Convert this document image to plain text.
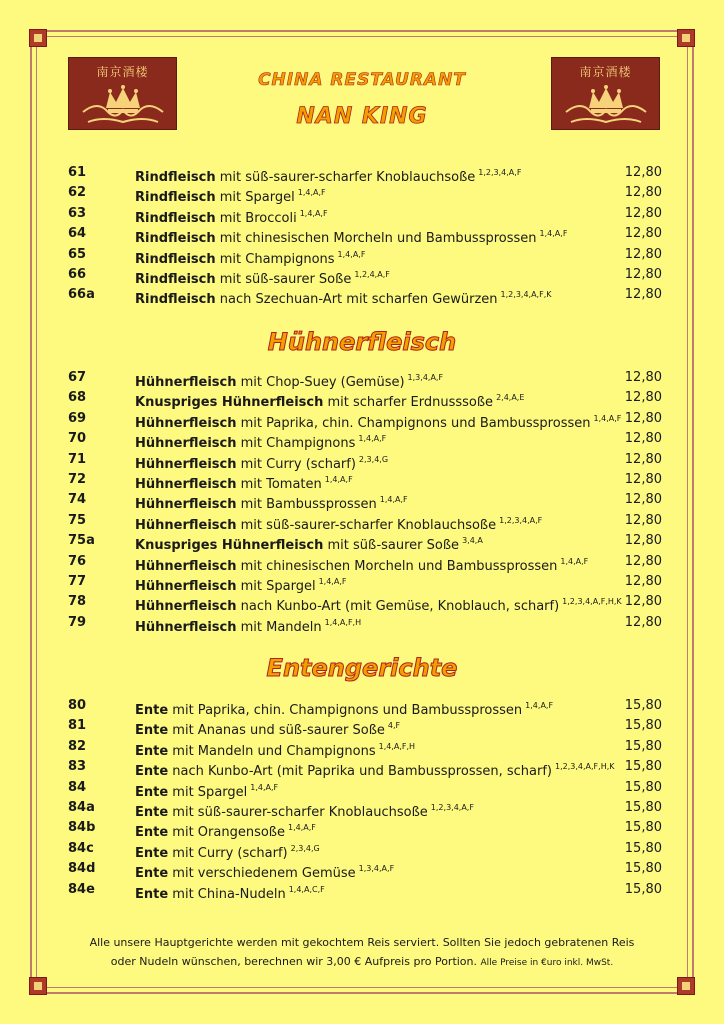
南京酒楼	南京酒楼
CHINA RESTAURANT
NAN KING
61	Rindfleisch mit süß-saurer-scharfer Knoblauchsoße $^{1,2,3,4,A,F}$	12,80
62	Rindfleisch mit Spargel $^{1,4,A,F}$	12,80
63	Rindfleisch mit Broccoli $^{1,4,A,F}$	12,80
64	Rindfleisch mit chinesischen Morcheln und Bambussprossen $^{1,4,A,F}$	12,80
65	Rindfleisch mit Champignons $^{1,4,A,F}$	12,80
66	Rindfleisch mit süß-saurer Soße $^{1,2,4,A,F}$	12,80
66a	Rindfleisch nach Szechuan-Art mit scharfen Gewürzen $^{1,2,3,4,A,F,K}$	12,80
Hühnerfleisch
67	Hühnerfleisch mit Chop-Suey (Gemüse) $^{1,3,4,A,F}$	12,80
68	Knuspriges Hühnerfleisch mit scharfer Erdnusssoße $^{2,4,A,E}$	12,80
69	Hühnerfleisch mit Paprika, chin. Champignons und Bambussprossen $^{1,4,A,F}$ 12,80
70	Hühnerfleisch mit Champignons $^{1,4,A,F}$	12,80
71	Hühnerfleisch mit Curry (scharf) $^{2,3,4,G}$	12,80
72	Hühnerfleisch mit Tomaten $^{1,4,A,F}$	12,80
74	Hühnerfleisch mit Bambussprossen $^{1,4,A,F}$	12,80
75	Hühnerfleisch mit süß-saurer-scharfer Knoblauchsoße $^{1,2,3,4,A,F}$	12,80
75a	Knuspriges Hühnerfleisch mit süß-saurer Soße $^{3,4,A}$	12,80
76	Hühnerfleisch mit chinesischen Morcheln und Bambussprossen $^{1,4,A,F}$	12,80
77	Hühnerfleisch mit Spargel $^{1,4,A,F}$	12,80
78	Hühnerfleisch nach Kunbo-Art (mit Gemüse, Knoblauch, scharf) $^{1,2,3,4,A,F,H,K}$ 12,80
79	Hühnerfleisch mit Mandeln $^{1,4,A,F,H}$	12,80
Entengerichte
80	Ente mit Paprika, chin. Champignons und Bambussprossen $^{1,4,A,F}$	15,80
81	Ente mit Ananas und süß-saurer Soße $^{4,F}$	15,80
82	Ente mit Mandeln und Champignons $^{1,4,A,F,H}$	15,80
83	Ente nach Kunbo-Art (mit Paprika und Bambussprossen, scharf) $^{1,2,3,4,A,F,H,K}$ 15,80
84	Ente mit Spargel $^{1,4,A,F}$	15,80
84a	Ente mit süß-saurer-scharfer Knoblauchsoße $^{1,2,3,4,A,F}$	15,80
84b	Ente mit Orangensoße $^{1,4,A,F}$	15,80
84c	Ente mit Curry (scharf) $^{2,3,4,G}$	15,80
84d	Ente mit verschiedenem Gemüse $^{1,3,4,A,F}$	15,80
84e	Ente mit China-Nudeln $^{1,4,A,C,F}$	15,80
Alle unsere Hauptgerichte werden mit gekochtem Reis serviert. Sollten Sie jedoch gebratenen Reis
oder Nudeln wünschen, berechnen wir 3,00 € Aufpreis pro Portion. Alle Preise in €uro inkl. MwSt.
